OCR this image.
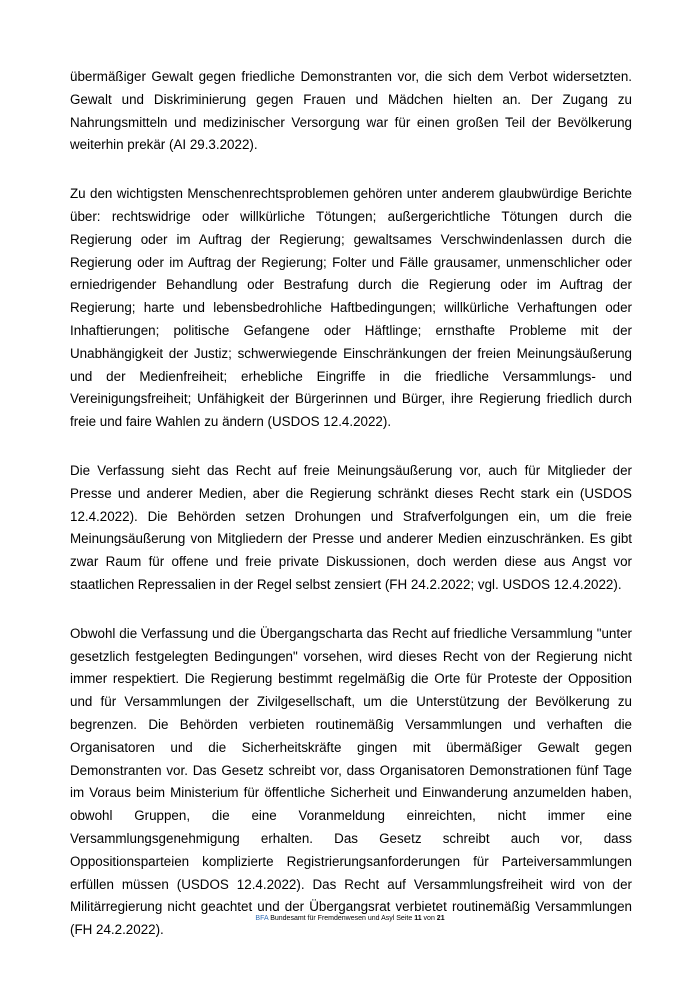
übermäßiger Gewalt gegen friedliche Demonstranten vor, die sich dem Verbot widersetzten. Gewalt und Diskriminierung gegen Frauen und Mädchen hielten an. Der Zugang zu Nahrungsmitteln und medizinischer Versorgung war für einen großen Teil der Bevölkerung weiterhin prekär (AI 29.3.2022).

Zu den wichtigsten Menschenrechtsproblemen gehören unter anderem glaubwürdige Berichte über: rechtswidrige oder willkürliche Tötungen; außergerichtliche Tötungen durch die Regierung oder im Auftrag der Regierung; gewaltsames Verschwindenlassen durch die Regierung oder im Auftrag der Regierung; Folter und Fälle grausamer, unmenschlicher oder erniedrigender Behandlung oder Bestrafung durch die Regierung oder im Auftrag der Regierung; harte und lebensbedrohliche Haftbedingungen; willkürliche Verhaftungen oder Inhaftierungen; politische Gefangene oder Häftlinge; ernsthafte Probleme mit der Unabhängigkeit der Justiz; schwerwiegende Einschränkungen der freien Meinungsäußerung und der Medienfreiheit; erhebliche Eingriffe in die friedliche Versammlungs- und Vereinigungsfreiheit; Unfähigkeit der Bürgerinnen und Bürger, ihre Regierung friedlich durch freie und faire Wahlen zu ändern (USDOS 12.4.2022).

Die Verfassung sieht das Recht auf freie Meinungsäußerung vor, auch für Mitglieder der Presse und anderer Medien, aber die Regierung schränkt dieses Recht stark ein (USDOS 12.4.2022). Die Behörden setzen Drohungen und Strafverfolgungen ein, um die freie Meinungsäußerung von Mitgliedern der Presse und anderer Medien einzuschränken. Es gibt zwar Raum für offene und freie private Diskussionen, doch werden diese aus Angst vor staatlichen Repressalien in der Regel selbst zensiert (FH 24.2.2022; vgl. USDOS 12.4.2022).

Obwohl die Verfassung und die Übergangscharta das Recht auf friedliche Versammlung "unter gesetzlich festgelegten Bedingungen" vorsehen, wird dieses Recht von der Regierung nicht immer respektiert. Die Regierung bestimmt regelmäßig die Orte für Proteste der Opposition und für Versammlungen der Zivilgesellschaft, um die Unterstützung der Bevölkerung zu begrenzen. Die Behörden verbieten routinemäßig Versammlungen und verhaften die Organisatoren und die Sicherheitskräfte gingen mit übermäßiger Gewalt gegen Demonstranten vor. Das Gesetz schreibt vor, dass Organisatoren Demonstrationen fünf Tage im Voraus beim Ministerium für öffentliche Sicherheit und Einwanderung anzumelden haben, obwohl Gruppen, die eine Voranmeldung einreichten, nicht immer eine Versammlungsgenehmigung erhalten. Das Gesetz schreibt auch vor, dass Oppositionsparteien komplizierte Registrierungsanforderungen für Parteiversammlungen erfüllen müssen (USDOS 12.4.2022). Das Recht auf Versammlungsfreiheit wird von der Militärregierung nicht geachtet und der Übergangsrat verbietet routinemäßig Versammlungen (FH 24.2.2022).

BFA Bundesamt für Fremdenwesen und Asyl Seite 11 von 21
